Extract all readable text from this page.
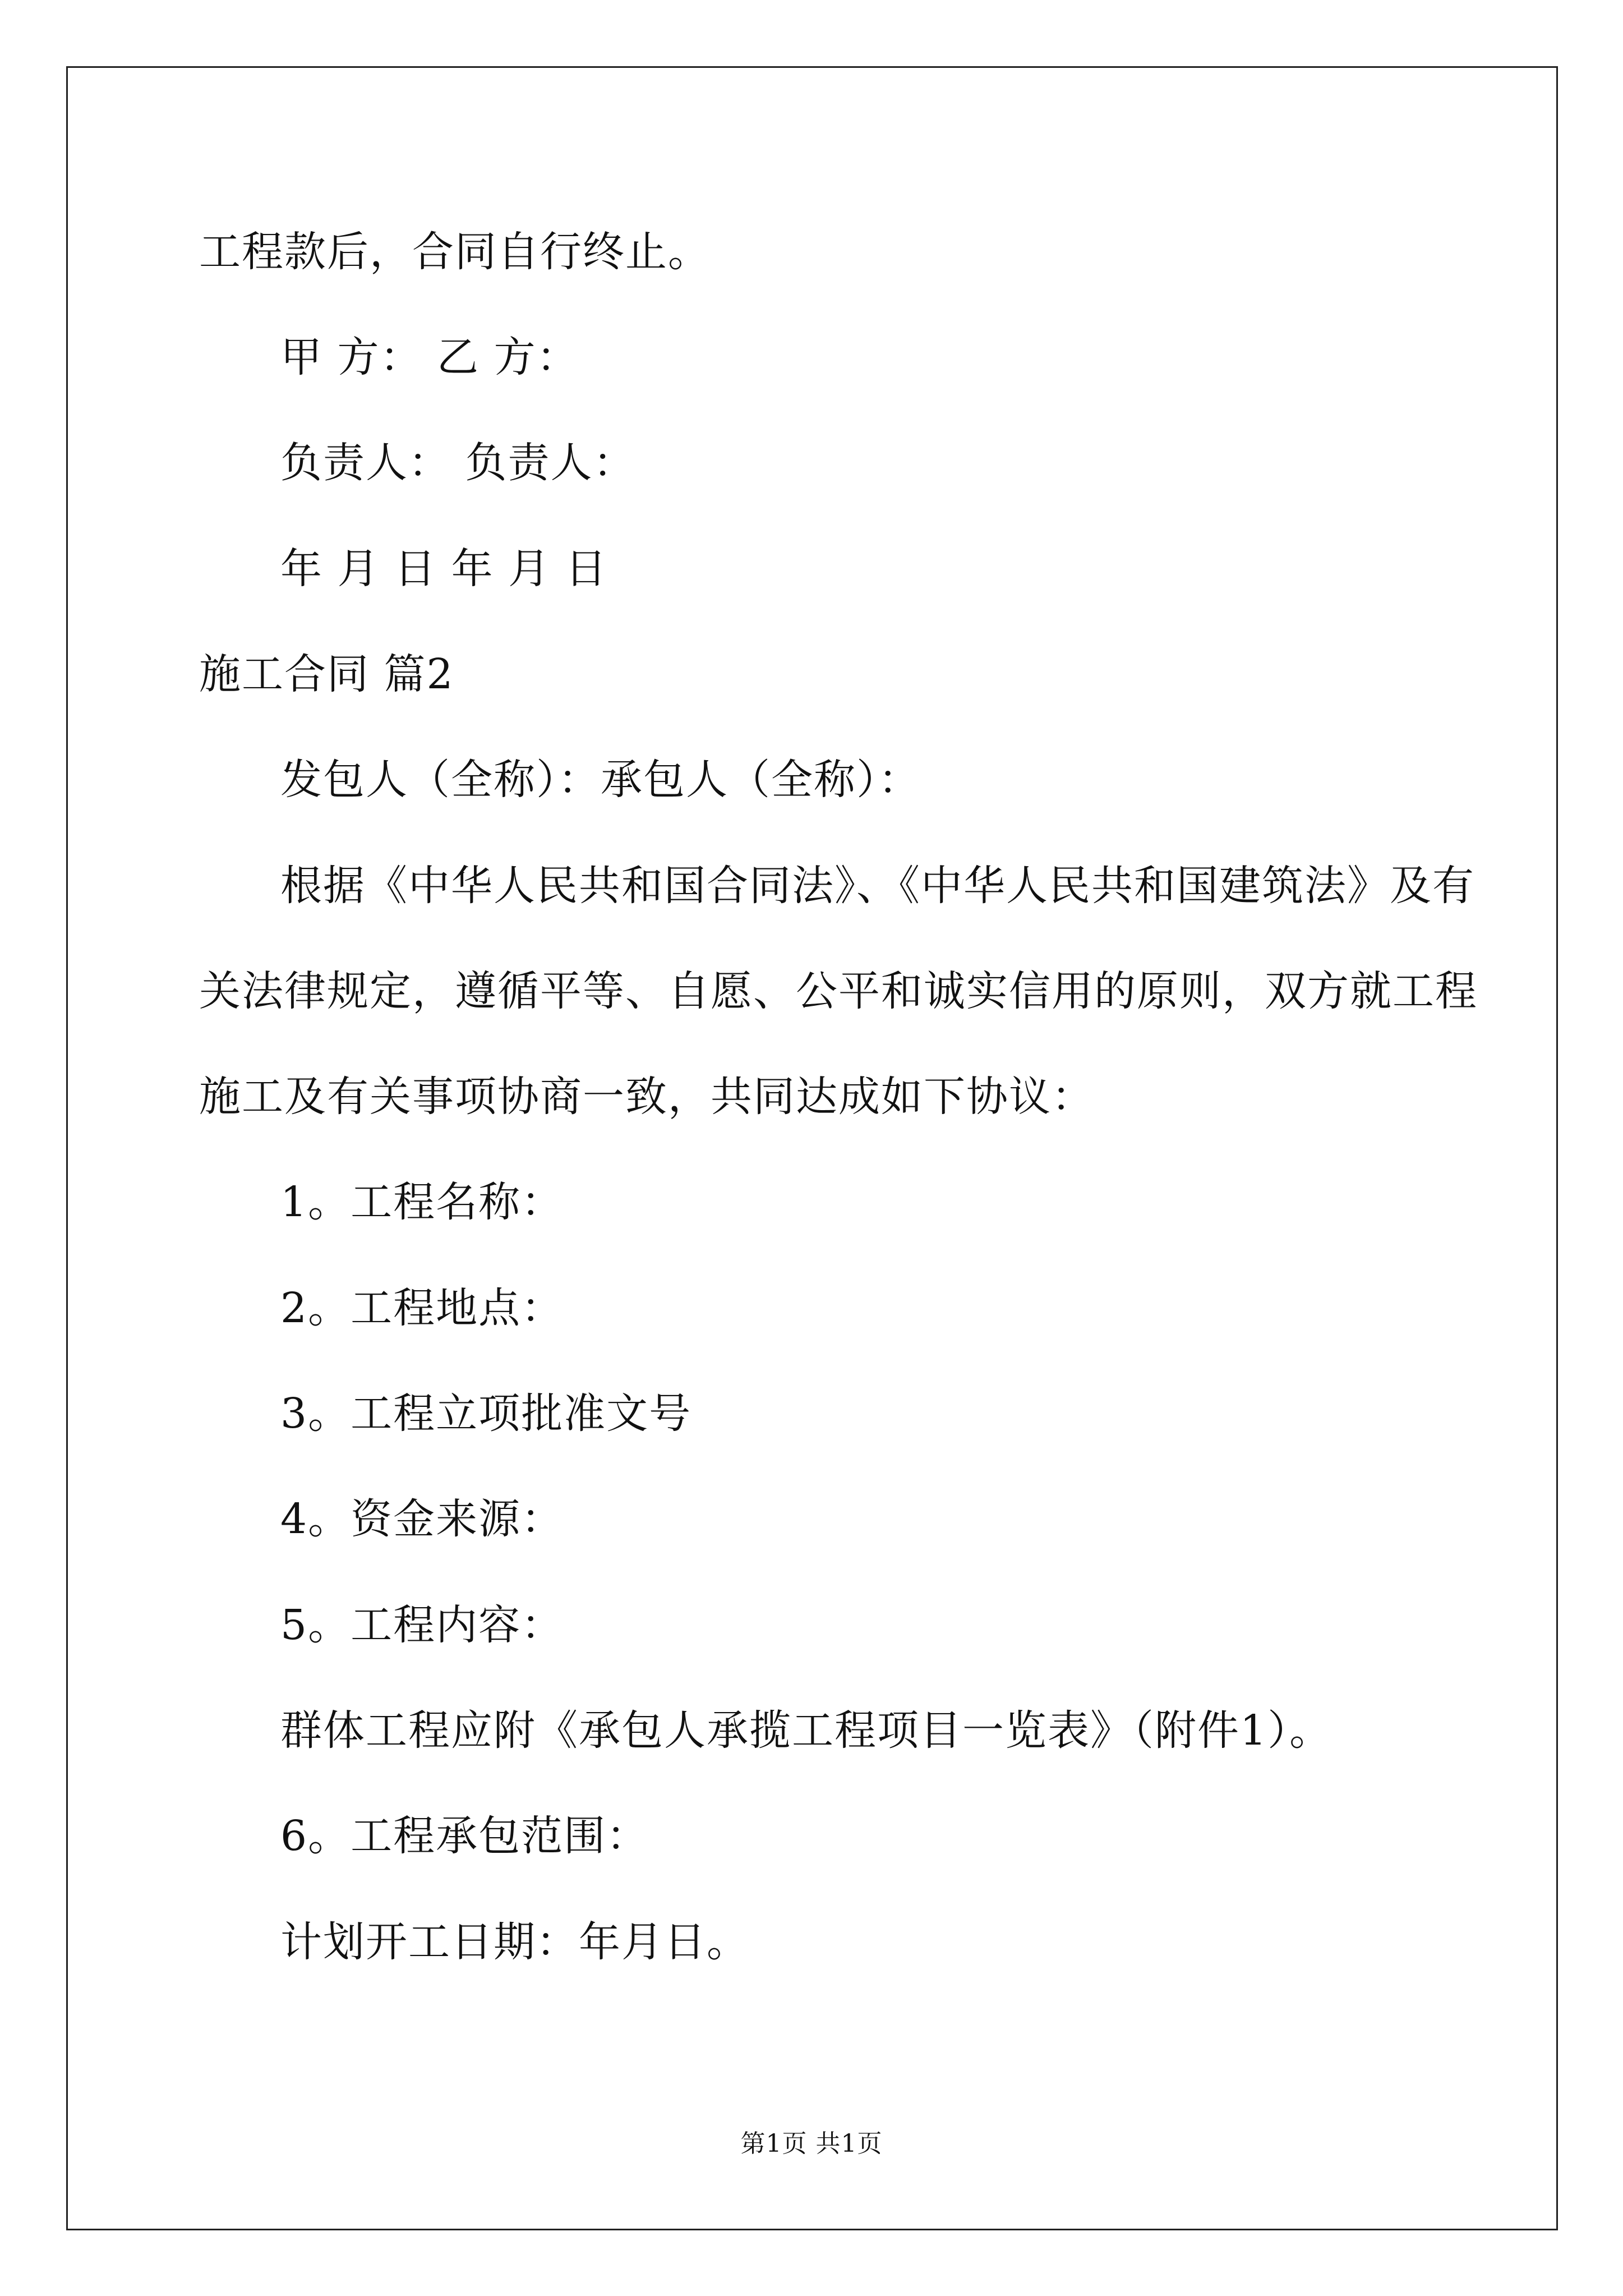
工程款后，合同自行终止。
甲 方： 乙 方：
负责人： 负责人：
年 月 日 年 月 日
施工合同 篇2
发包人（全称）：承包人（全称）：
根据《中华人民共和国合同法》、《中华人民共和国建筑法》及有
关法律规定，遵循平等、自愿、公平和诚实信用的原则，双方就工程
施工及有关事项协商一致，共同达成如下协议：
1。工程名称：
2。工程地点：
3。工程立项批准文号
4。资金来源：
5。工程内容：
群体工程应附《承包人承揽工程项目一览表》（附件1）。
6。工程承包范围：
计划开工日期：年月日。
第1页 共1页
